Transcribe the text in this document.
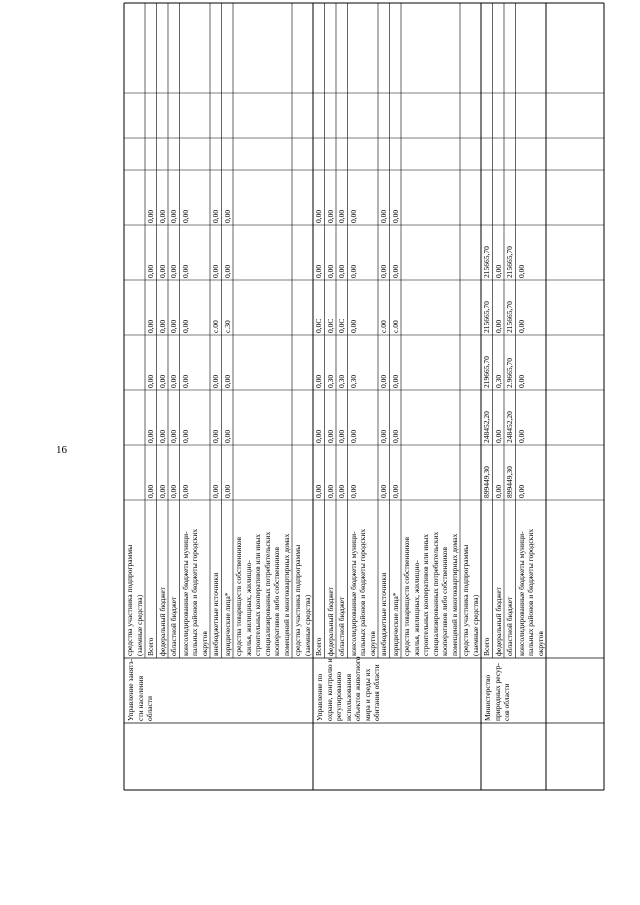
16
Управление занятз- сти населения области
средства участника подпрограммы (заемные средства) Всего
0,00
0,00
0,00
0,00
0,00
0,00
федеральный бюджет
0,00
0,00
0,00
0,00
0,00
0,00
областной бюджет
0,00
0,00
0,00
0,00
0,00
0,00
консолидированные бюджеты муници- пальных районов и бюджеты городских округов
0,00
0,00
0,00
0,00
0,00
0,00
внебюджетные источники
0,00
0,00
0,00
с.00
0,00
0,00
юридические лица*
0,00
0,00
0,00
с.30
0,00
0,00
средства товариществ собственников жилья, жилищных, жилищно- строительных кооперативов или иных специализированных потребительских кооперативов либо собственников помещений в многоквартирных домах средства участника подпрограммы (заемные средства)
Управление по охране, контролю и регулированию использования объектов животного мира и среды их обитания области
Всего
0,00
0,00
0,00
0,0С
0,00
0,00
федеральный бюджет
0,00
0,00
0,30
0,0С
0,00
0,00
областной бюджет
0,00
0,00
0,30
0,0С
0,00
0,00
консолидированные бюджеты муници- пальных районов и бюджеты городских округов
0,00
0,00
0,30
0,00
0,00
0,00
внебюджетные источники
0,00
0,00
0,00
с.00
0,00
0,00
юридические лица*
0,00
0,00
0,00
с.00
0,00
0,00
средства товариществ собственников жилья, жилищных, жилищно- строительных кооперативов или иных специализированных потребительских кооперативов либо собственников помещений в многоквартирных домах средства участника подпрограммы (заемные средства)
Министерство природных ресур- сов области
Всего
899449,30
248452,20
219665,70
215665,70
215665,70
федеральный бюджет
0,00
0,00
0,30
0,00
0,00
областной бюджет
899449,30
248452,20
2.9665,70
215665,70
215665,70
консолидированные бюджеты муници- пальных районов и бюджеты городских округов
0,00
0,00
0,00
0,00
0,00
